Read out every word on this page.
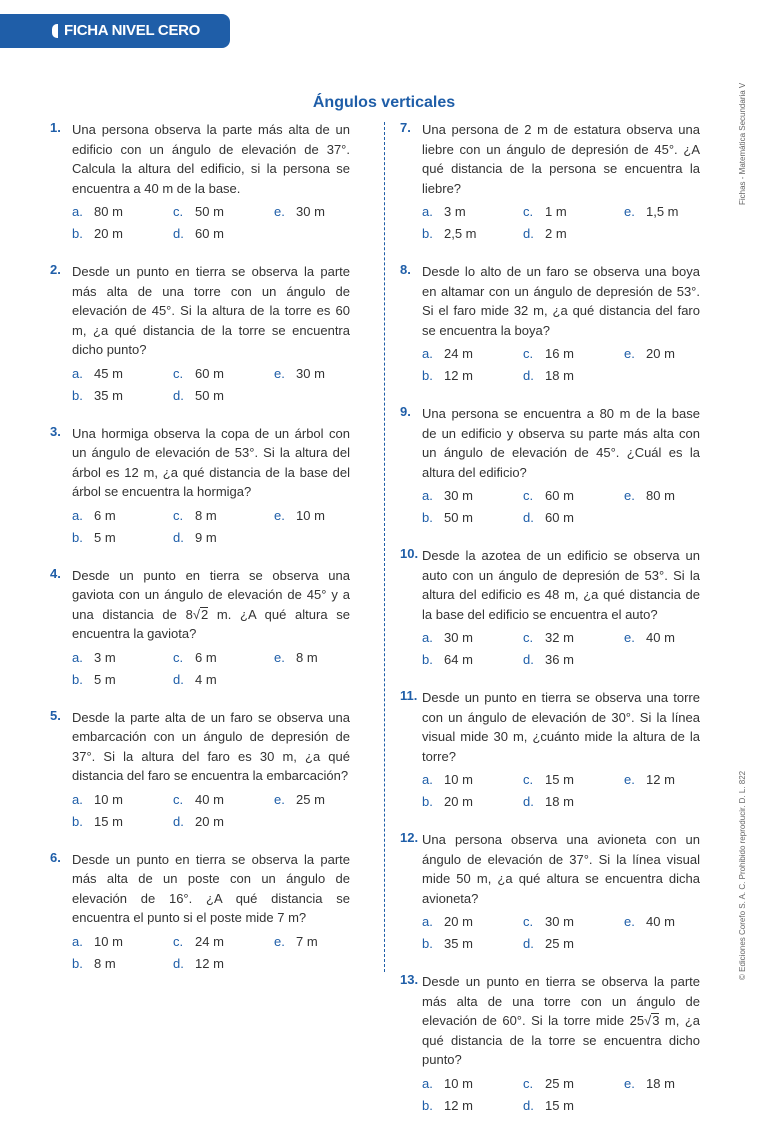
FICHA NIVEL CERO
Fichas - Matemática Secundaria V
© Ediciones Corefo S. A. C. Prohibido reproducir. D. L. 822
Ángulos verticales
1. Una persona observa la parte más alta de un edificio con un ángulo de elevación de 37°. Calcula la altura del edificio, si la persona se encuentra a 40 m de la base.
a. 80 m	c. 50 m	e. 30 m
b. 20 m	d. 60 m
2. Desde un punto en tierra se observa la parte más alta de una torre con un ángulo de elevación de 45°. Si la altura de la torre es 60 m, ¿a qué distancia de la torre se encuentra dicho punto?
a. 45 m	c. 60 m	e. 30 m
b. 35 m	d. 50 m
3. Una hormiga observa la copa de un árbol con un ángulo de elevación de 53°. Si la altura del árbol es 12 m, ¿a qué distancia de la base del árbol se encuentra la hormiga?
a. 6 m	c. 8 m	e. 10 m
b. 5 m	d. 9 m
4. Desde un punto en tierra se observa una gaviota con un ángulo de elevación de 45° y a una distancia de 8√2 m. ¿A qué altura se encuentra la gaviota?
a. 3 m	c. 6 m	e. 8 m
b. 5 m	d. 4 m
5. Desde la parte alta de un faro se observa una embarcación con un ángulo de depresión de 37°. Si la altura del faro es 30 m, ¿a qué distancia del faro se encuentra la embarcación?
a. 10 m	c. 40 m	e. 25 m
b. 15 m	d. 20 m
6. Desde un punto en tierra se observa la parte más alta de un poste con un ángulo de elevación de 16°. ¿A qué distancia se encuentra el punto si el poste mide 7 m?
a. 10 m	c. 24 m	e. 7 m
b. 8 m	d. 12 m
7. Una persona de 2 m de estatura observa una liebre con un ángulo de depresión de 45°. ¿A qué distancia de la persona se encuentra la liebre?
a. 3 m	c. 1 m	e. 1,5 m
b. 2,5 m	d. 2 m
8. Desde lo alto de un faro se observa una boya en altamar con un ángulo de depresión de 53°. Si el faro mide 32 m, ¿a qué distancia del faro se encuentra la boya?
a. 24 m	c. 16 m	e. 20 m
b. 12 m	d. 18 m
9. Una persona se encuentra a 80 m de la base de un edificio y observa su parte más alta con un ángulo de elevación de 45°. ¿Cuál es la altura del edificio?
a. 30 m	c. 60 m	e. 80 m
b. 50 m	d. 60 m
10. Desde la azotea de un edificio se observa un auto con un ángulo de depresión de 53°. Si la altura del edificio es 48 m, ¿a qué distancia de la base del edificio se encuentra el auto?
a. 30 m	c. 32 m	e. 40 m
b. 64 m	d. 36 m
11. Desde un punto en tierra se observa una torre con un ángulo de elevación de 30°. Si la línea visual mide 30 m, ¿cuánto mide la altura de la torre?
a. 10 m	c. 15 m	e. 12 m
b. 20 m	d. 18 m
12. Una persona observa una avioneta con un ángulo de elevación de 37°. Si la línea visual mide 50 m, ¿a qué altura se encuentra dicha avioneta?
a. 20 m	c. 30 m	e. 40 m
b. 35 m	d. 25 m
13. Desde un punto en tierra se observa la parte más alta de una torre con un ángulo de elevación de 60°. Si la torre mide 25√3 m, ¿a qué distancia de la torre se encuentra dicho punto?
a. 10 m	c. 25 m	e. 18 m
b. 12 m	d. 15 m
